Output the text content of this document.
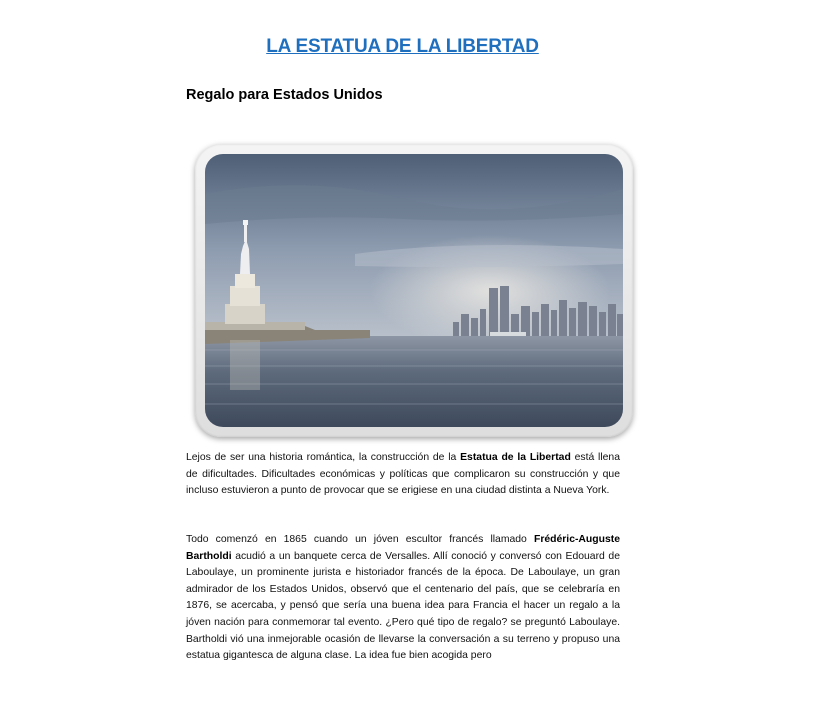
LA ESTATUA DE LA LIBERTAD
Regalo para Estados Unidos
Lejos de ser una historia romántica, la construcción de la Estatua de la Libertad está llena de dificultades. Dificultades económicas y políticas que complicaron su construcción y que incluso estuvieron a punto de provocar que se erigiese en una ciudad distinta a Nueva York.
Todo comenzó en 1865 cuando un jóven escultor francés llamado Frédéric-Auguste Bartholdi acudió a un banquete cerca de Versalles. Allí conoció y conversó con Edouard de Laboulaye, un prominente jurista e historiador francés de la época. De Laboulaye, un gran admirador de los Estados Unidos, observó que el centenario del país, que se celebraría en 1876, se acercaba, y pensó que sería una buena idea para Francia el hacer un regalo a la jóven nación para conmemorar tal evento. ¿Pero qué tipo de regalo? se preguntó Laboulaye. Bartholdi vió una inmejorable ocasión de llevarse la conversación a su terreno y propuso una estatua gigantesca de alguna clase. La idea fue bien acogida pero
